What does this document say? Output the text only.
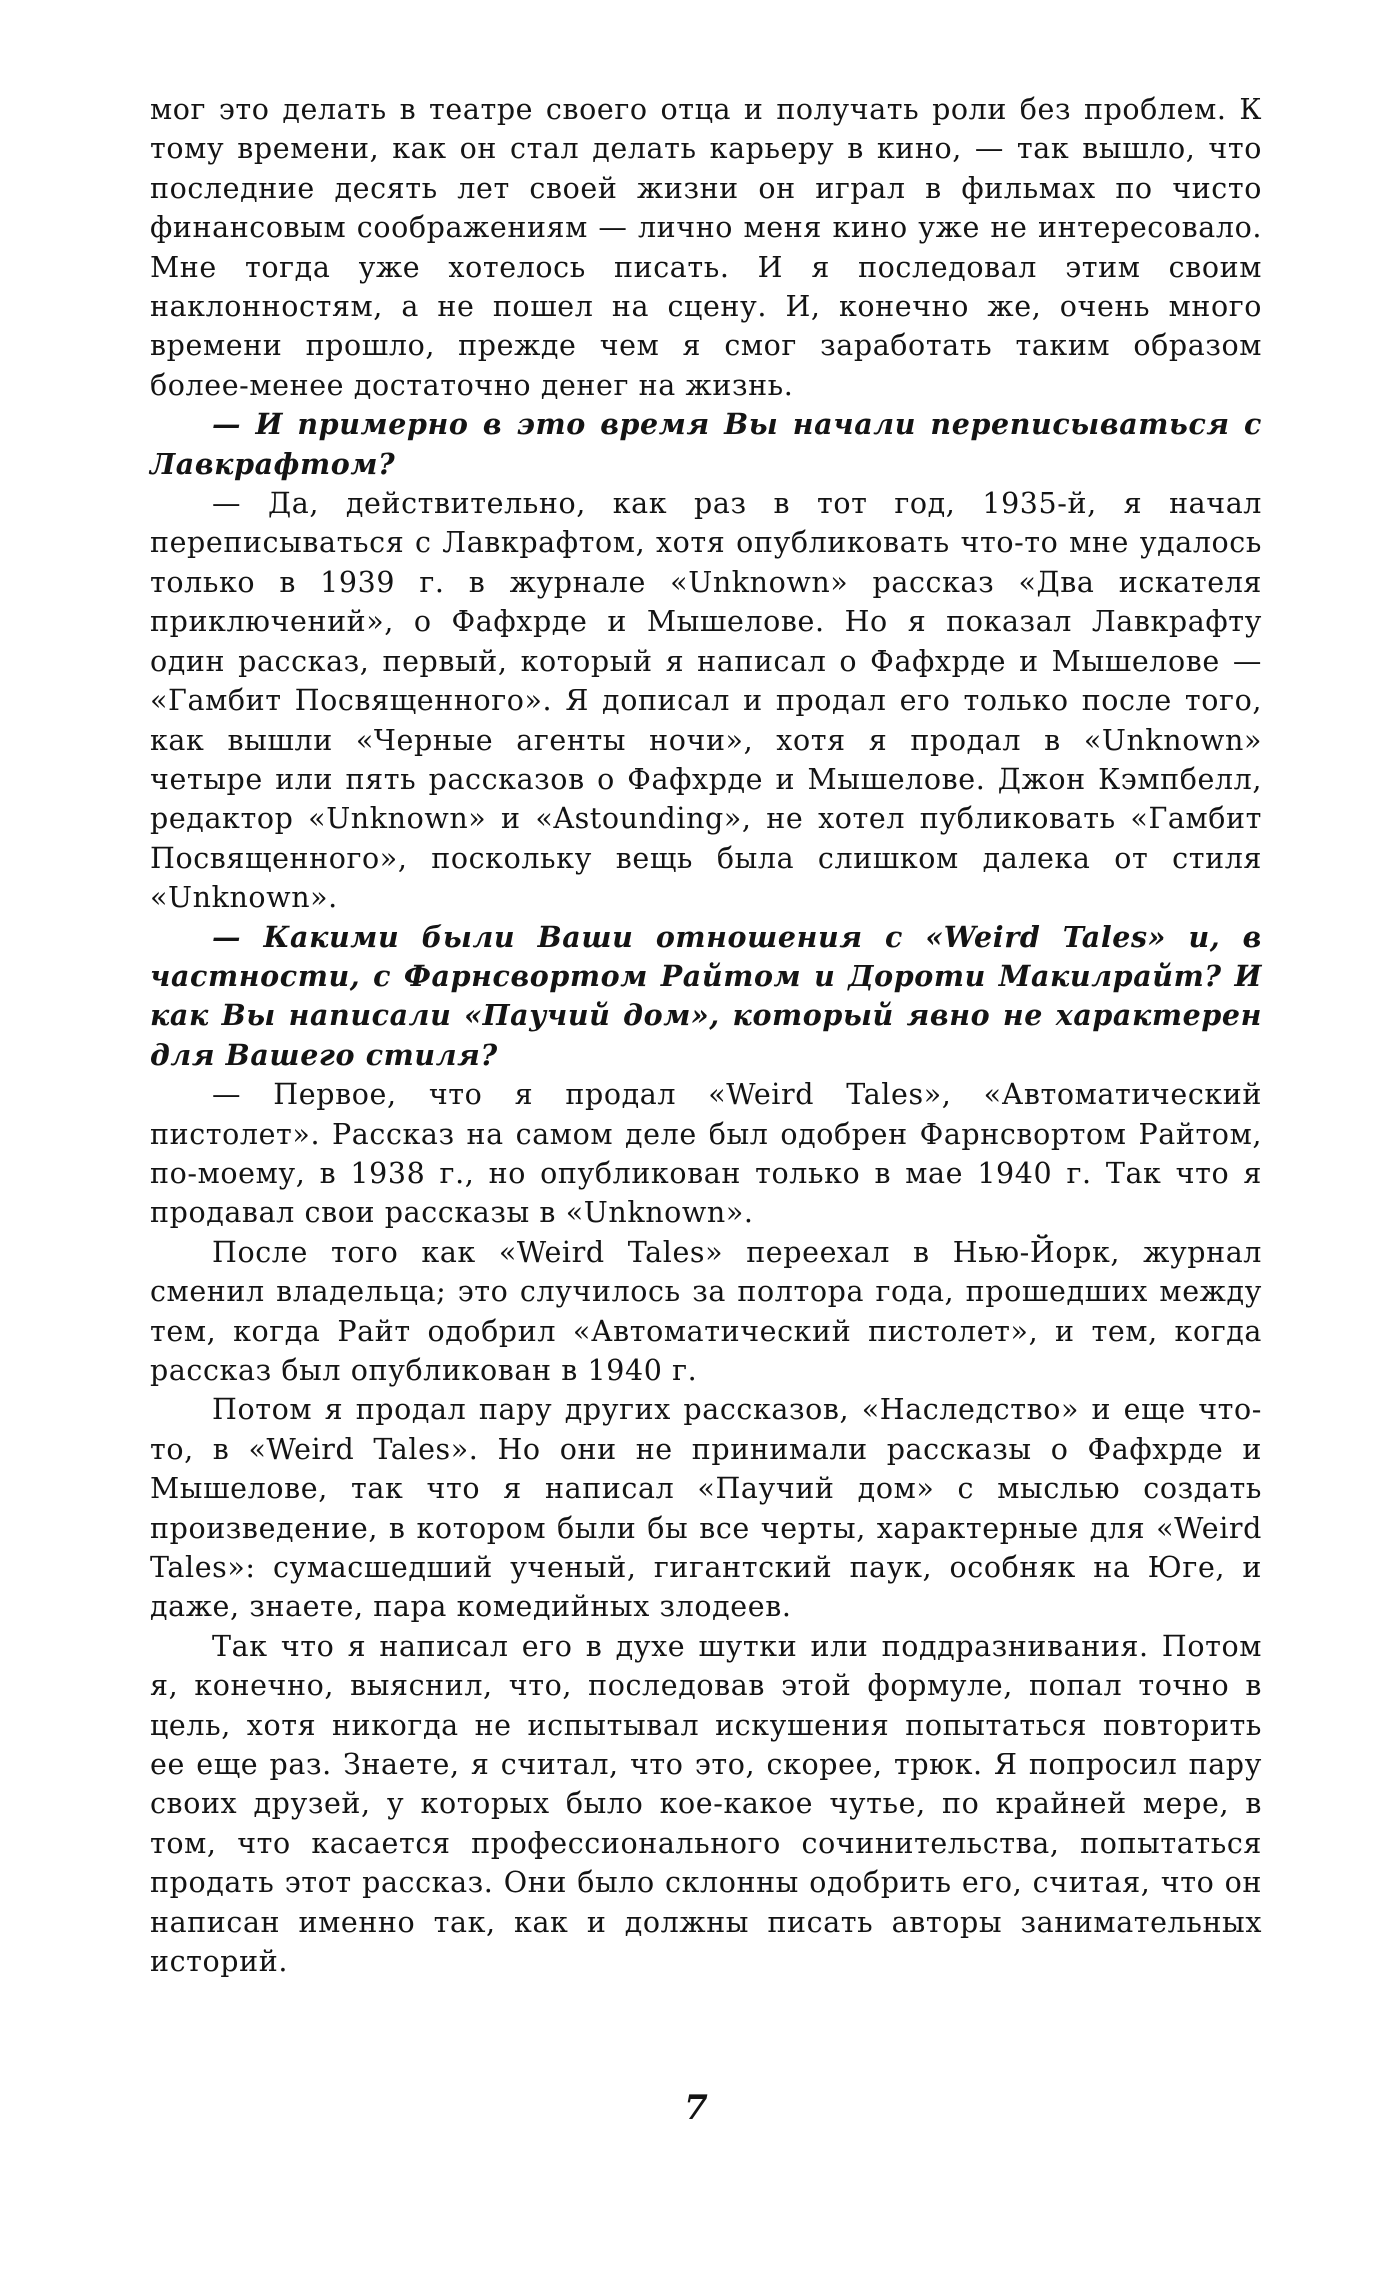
мог это делать в театре своего отца и получать роли без проблем. К тому времени, как он стал делать карьеру в кино, — так вышло, что последние десять лет своей жизни он играл в фильмах по чисто финансовым соображениям — лично меня кино уже не интересовало. Мне тогда уже хотелось писать. И я последовал этим своим наклонностям, а не пошел на сцену. И, конечно же, очень много времени прошло, прежде чем я смог заработать таким образом более-менее достаточно денег на жизнь.

— И примерно в это время Вы начали переписываться с Лавкрафтом?

— Да, действительно, как раз в тот год, 1935-й, я начал переписываться с Лавкрафтом, хотя опубликовать что-то мне удалось только в 1939 г. в журнале «Unknown» рассказ «Два искателя приключений», о Фафхрде и Мышелове. Но я показал Лавкрафту один рассказ, первый, который я написал о Фафхрде и Мышелове — «Гамбит Посвященного». Я дописал и продал его только после того, как вышли «Черные агенты ночи», хотя я продал в «Unknown» четыре или пять рассказов о Фафхрде и Мышелове. Джон Кэмпбелл, редактор «Unknown» и «Astounding», не хотел публиковать «Гамбит Посвященного», поскольку вещь была слишком далека от стиля «Unknown».

— Какими были Ваши отношения с «Weird Tales» и, в частности, с Фарнсвортом Райтом и Дороти Макилрайт? И как Вы написали «Паучий дом», который явно не характерен для Вашего стиля?

— Первое, что я продал «Weird Tales», «Автоматический пистолет». Рассказ на самом деле был одобрен Фарнсвортом Райтом, по-моему, в 1938 г., но опубликован только в мае 1940 г. Так что я продавал свои рассказы в «Unknown».

После того как «Weird Tales» переехал в Нью-Йорк, журнал сменил владельца; это случилось за полтора года, прошедших между тем, когда Райт одобрил «Автоматический пистолет», и тем, когда рассказ был опубликован в 1940 г.

Потом я продал пару других рассказов, «Наследство» и еще что-то, в «Weird Tales». Но они не принимали рассказы о Фафхрде и Мышелове, так что я написал «Паучий дом» с мыслью создать произведение, в котором были бы все черты, характерные для «Weird Tales»: сумасшедший ученый, гигантский паук, особняк на Юге, и даже, знаете, пара комедийных злодеев.

Так что я написал его в духе шутки или поддразнивания. Потом я, конечно, выяснил, что, последовав этой формуле, попал точно в цель, хотя никогда не испытывал искушения попытаться повторить ее еще раз. Знаете, я считал, что это, скорее, трюк. Я попросил пару своих друзей, у которых было кое-какое чутье, по крайней мере, в том, что касается профессионального сочинительства, попытаться продать этот рассказ. Они было склонны одобрить его, считая, что он написан именно так, как и должны писать авторы занимательных историй.

7
